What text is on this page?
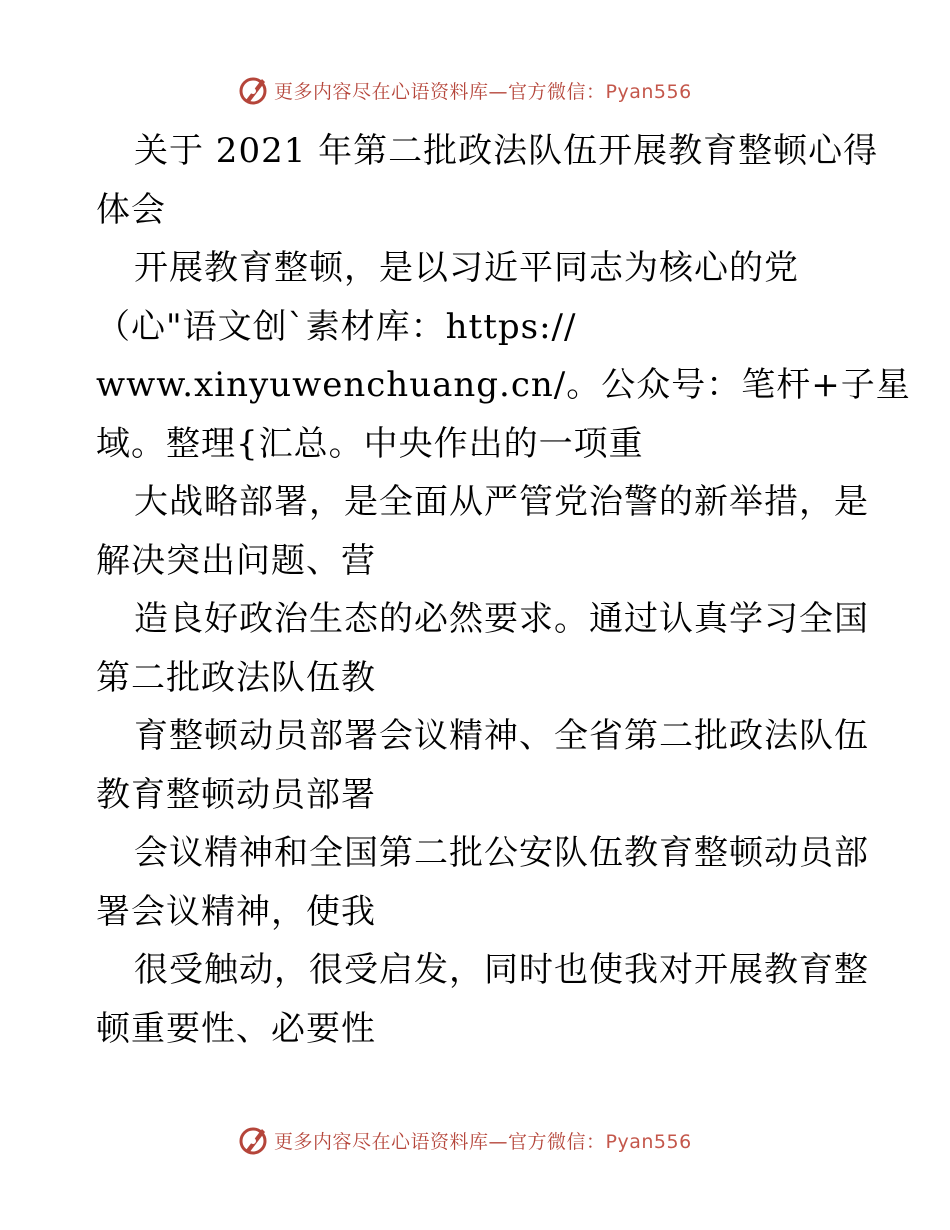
更多内容尽在心语资料库—官方微信：Pyan556
关于 2021 年第二批政法队伍开展教育整顿心得
体会
开展教育整顿，是以习近平同志为核心的党
（心"语文创`素材库：https://
www.xinyuwenchuang.cn/。公众号：笔杆+子星
域。整理{汇总。中央作出的一项重
大战略部署，是全面从严管党治警的新举措，是
解决突出问题、营
造良好政治生态的必然要求。通过认真学习全国
第二批政法队伍教
育整顿动员部署会议精神、全省第二批政法队伍
教育整顿动员部署
会议精神和全国第二批公安队伍教育整顿动员部
署会议精神，使我
很受触动，很受启发，同时也使我对开展教育整
顿重要性、必要性
更多内容尽在心语资料库—官方微信：Pyan556
